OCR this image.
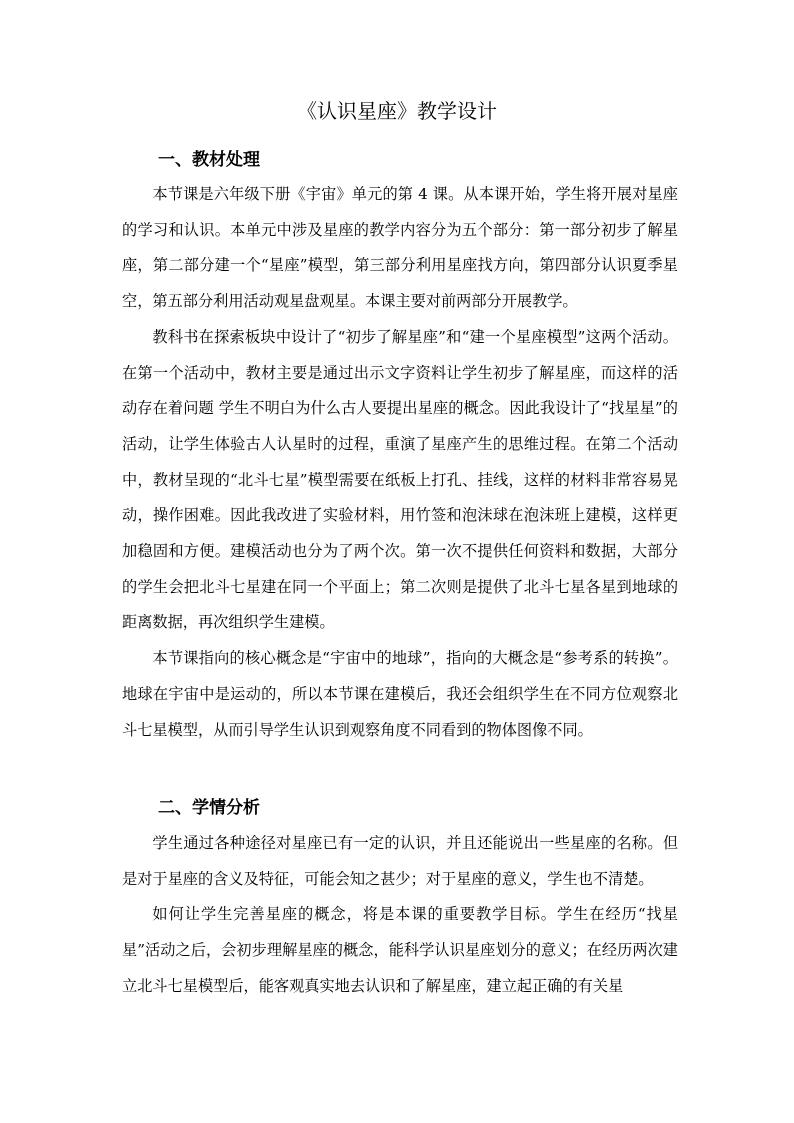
《认识星座》教学设计
一、教材处理

本节课是六年级下册《宇宙》单元的第 4 课。从本课开始，学生将开展对星座的学习和认识。本单元中涉及星座的教学内容分为五个部分：第一部分初步了解星座，第二部分建一个“星座”模型，第三部分利用星座找方向，第四部分认识夏季星空，第五部分利用活动观星盘观星。本课主要对前两部分开展教学。

教科书在探索板块中设计了“初步了解星座”和“建一个星座模型”这两个活动。在第一个活动中，教材主要是通过出示文字资料让学生初步了解星座，而这样的活动存在着问题 学生不明白为什么古人要提出星座的概念。因此我设计了“找星星”的活动，让学生体验古人认星时的过程，重演了星座产生的思维过程。在第二个活动中，教材呈现的“北斗七星”模型需要在纸板上打孔、挂线，这样的材料非常容易晃动，操作困难。因此我改进了实验材料，用竹签和泡沫球在泡沫班上建模，这样更加稳固和方便。建模活动也分为了两个次。第一次不提供任何资料和数据，大部分的学生会把北斗七星建在同一个平面上；第二次则是提供了北斗七星各星到地球的距离数据，再次组织学生建模。

本节课指向的核心概念是“宇宙中的地球”，指向的大概念是“参考系的转换”。地球在宇宙中是运动的，所以本节课在建模后，我还会组织学生在不同方位观察北斗七星模型，从而引导学生认识到观察角度不同看到的物体图像不同。

二、学情分析

学生通过各种途径对星座已有一定的认识，并且还能说出一些星座的名称。但是对于星座的含义及特征，可能会知之甚少；对于星座的意义，学生也不清楚。

如何让学生完善星座的概念，将是本课的重要教学目标。学生在经历“找星星”活动之后，会初步理解星座的概念，能科学认识星座划分的意义；在经历两次建立北斗七星模型后，能客观真实地去认识和了解星座，建立起正确的有关星
